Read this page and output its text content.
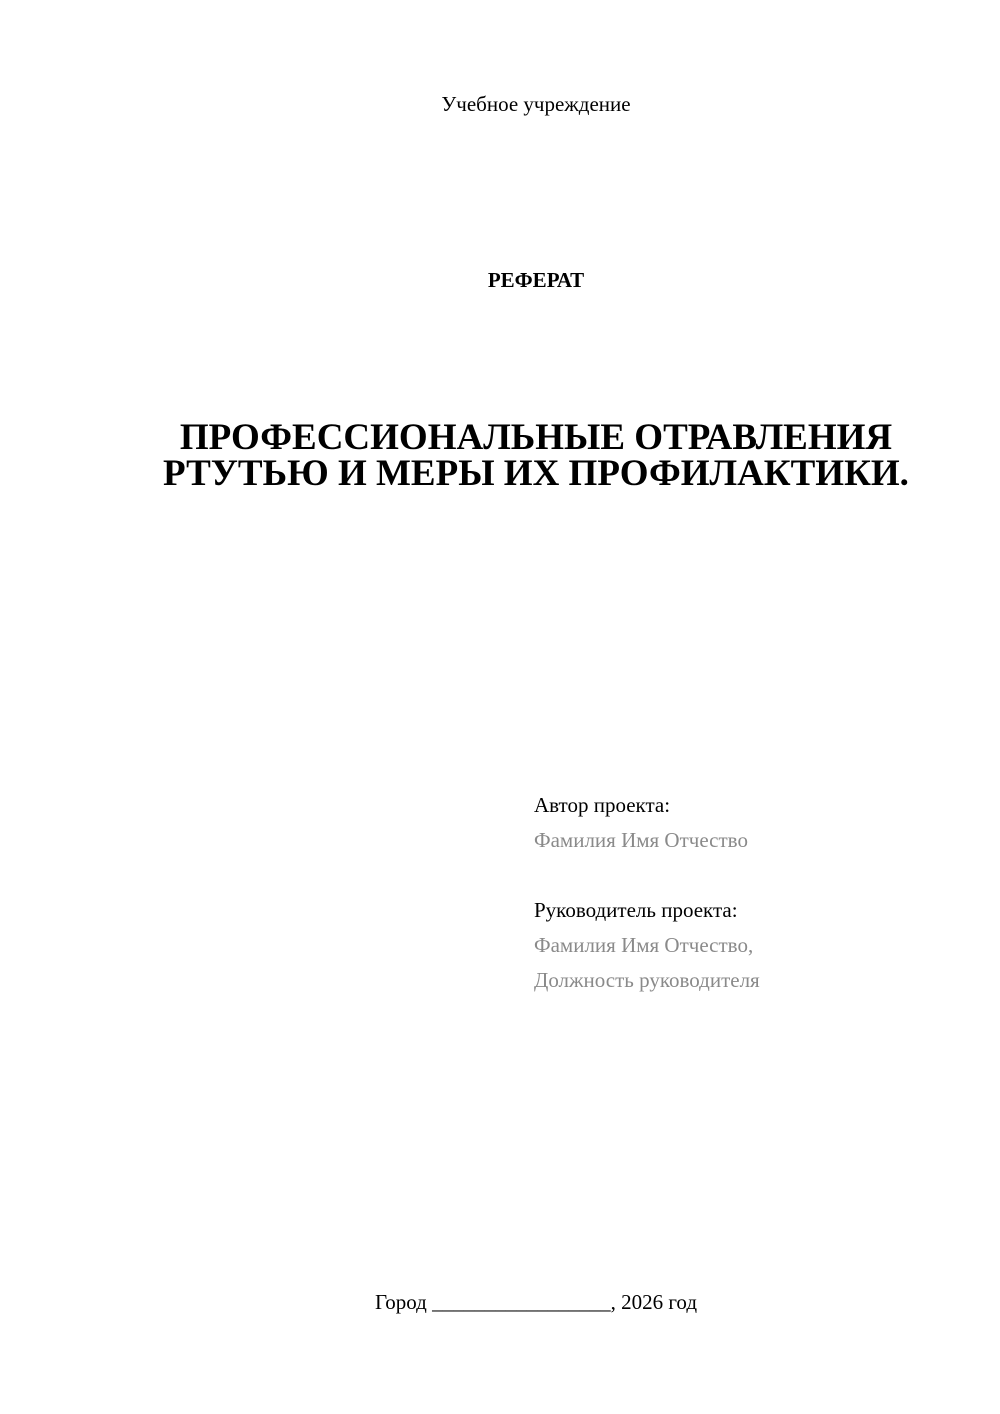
Учебное учреждение
РЕФЕРАТ
ПРОФЕССИОНАЛЬНЫЕ ОТРАВЛЕНИЯ РТУТЬЮ И МЕРЫ ИХ ПРОФИЛАКТИКИ.
Автор проекта:
Фамилия Имя Отчество
Руководитель проекта:
Фамилия Имя Отчество,
Должность руководителя
Город _________________, 2026 год
